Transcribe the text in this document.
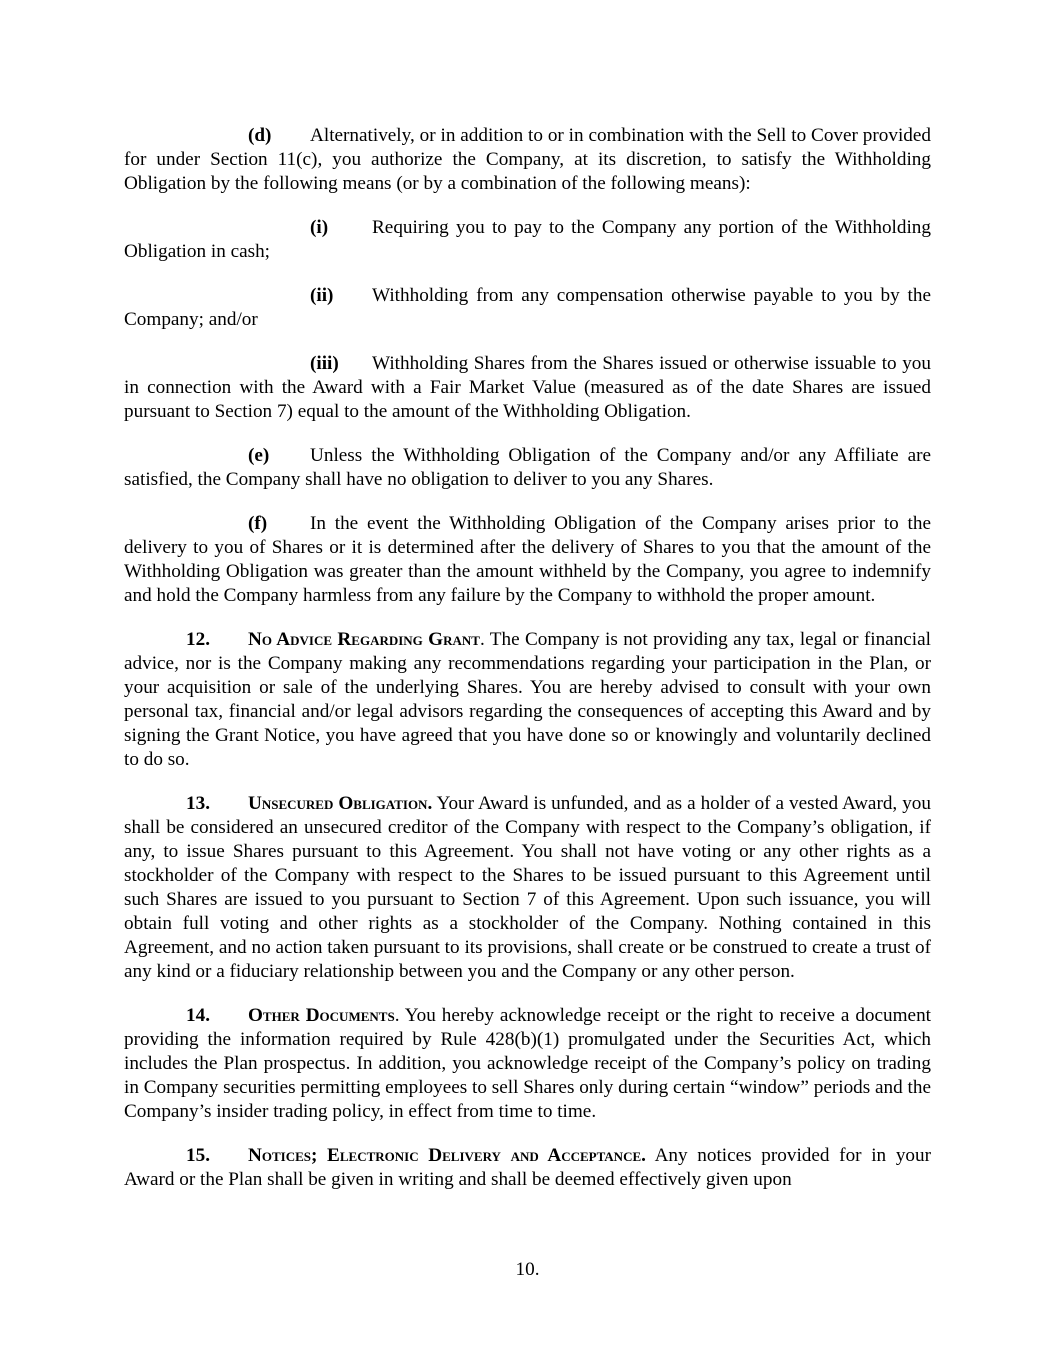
(d) Alternatively, or in addition to or in combination with the Sell to Cover provided for under Section 11(c), you authorize the Company, at its discretion, to satisfy the Withholding Obligation by the following means (or by a combination of the following means):

(i) Requiring you to pay to the Company any portion of the Withholding Obligation in cash;

(ii) Withholding from any compensation otherwise payable to you by the Company; and/or

(iii) Withholding Shares from the Shares issued or otherwise issuable to you in connection with the Award with a Fair Market Value (measured as of the date Shares are issued pursuant to Section 7) equal to the amount of the Withholding Obligation.

(e) Unless the Withholding Obligation of the Company and/or any Affiliate are satisfied, the Company shall have no obligation to deliver to you any Shares.

(f) In the event the Withholding Obligation of the Company arises prior to the delivery to you of Shares or it is determined after the delivery of Shares to you that the amount of the Withholding Obligation was greater than the amount withheld by the Company, you agree to indemnify and hold the Company harmless from any failure by the Company to withhold the proper amount.

12. No Advice Regarding Grant. The Company is not providing any tax, legal or financial advice, nor is the Company making any recommendations regarding your participation in the Plan, or your acquisition or sale of the underlying Shares. You are hereby advised to consult with your own personal tax, financial and/or legal advisors regarding the consequences of accepting this Award and by signing the Grant Notice, you have agreed that you have done so or knowingly and voluntarily declined to do so.

13. Unsecured Obligation. Your Award is unfunded, and as a holder of a vested Award, you shall be considered an unsecured creditor of the Company with respect to the Company’s obligation, if any, to issue Shares pursuant to this Agreement. You shall not have voting or any other rights as a stockholder of the Company with respect to the Shares to be issued pursuant to this Agreement until such Shares are issued to you pursuant to Section 7 of this Agreement. Upon such issuance, you will obtain full voting and other rights as a stockholder of the Company. Nothing contained in this Agreement, and no action taken pursuant to its provisions, shall create or be construed to create a trust of any kind or a fiduciary relationship between you and the Company or any other person.

14. Other Documents. You hereby acknowledge receipt or the right to receive a document providing the information required by Rule 428(b)(1) promulgated under the Securities Act, which includes the Plan prospectus. In addition, you acknowledge receipt of the Company’s policy on trading in Company securities permitting employees to sell Shares only during certain “window” periods and the Company’s insider trading policy, in effect from time to time.

15. Notices; Electronic Delivery and Acceptance. Any notices provided for in your Award or the Plan shall be given in writing and shall be deemed effectively given upon

10.
